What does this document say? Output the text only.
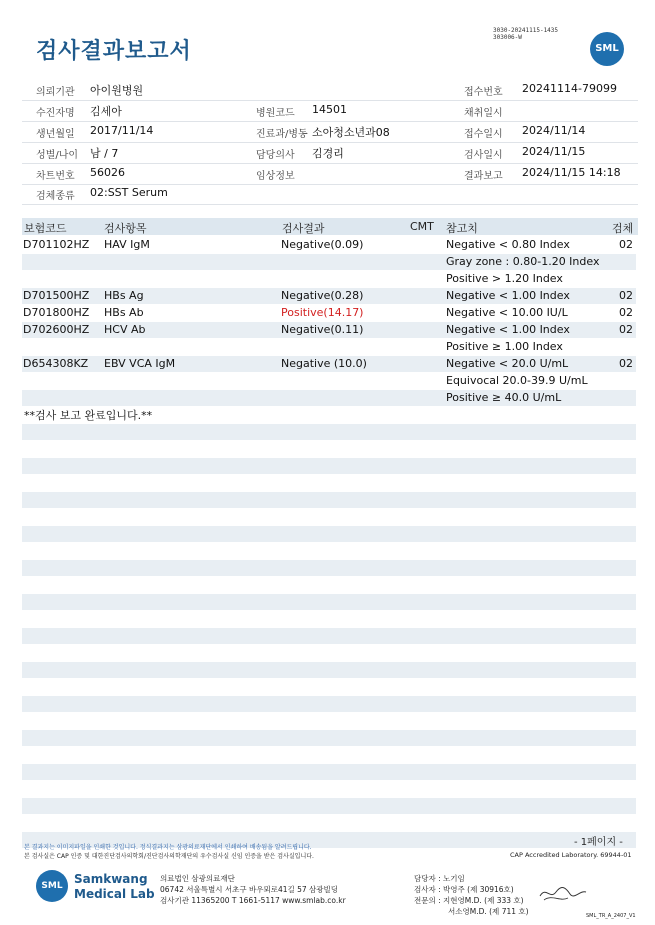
검사결과보고서
3030-20241115-1435
303006-W
SML
의뢰기관 아이원병원	접수번호 20241114-79099
수진자명 김세아	병원코드 14501	채취일시
생년월일 2017/11/14	진료과/병동 소아청소년과08	접수일시 2024/11/14
성별/나이 남 / 7	담당의사 김경리	검사일시 2024/11/15
차트번호 56026	임상정보	결과보고 2024/11/15 14:18
검체종류 02:SST Serum
보험코드	검사항목	검사결과	CMT 참고치	검체
D701102HZ HAV IgM	Negative(0.09)	Negative < 0.80 Index	02
Gray zone : 0.80-1.20 Index
Positive > 1.20 Index
D701500HZ HBs Ag	Negative(0.28)	Negative < 1.00 Index	02
D701800HZ HBs Ab	Positive(14.17)	Negative < 10.00 IU/L	02
D702600HZ HCV Ab	Negative(0.11)	Negative < 1.00 Index	02
Positive ≥ 1.00 Index
D654308KZ EBV VCA IgM	Negative (10.0)	Negative < 20.0 U/mL	02
Equivocal 20.0-39.9 U/mL
Positive ≥ 40.0 U/mL
**검사 보고 완료입니다.**
- 1페이지 -
본 결과지는 이미지파일을 인쇄한 것입니다. 정식결과지는 삼광의료재단에서 인쇄하여 배송됨을 알려드립니다.
본 검사실은 CAP 인증 및 대한진단검사의학회/진단검사의학재단의 우수검사실 신임 인증을 받은 검사실입니다.	CAP Accredited Laboratory. 69944-01
SML Samkwang
Medical Lab
의료법인 삼광의료재단
06742 서울특별시 서초구 바우뫼로41길 57 삼광빌딩
검사기관 11365200 T 1661-5117 www.smlab.co.kr
담당자 : 노기임
검사자 : 박영주 (제 30916호)
전문의 : 지현영M.D. (제 333 호)
서소영M.D. (제 711 호)	SML_TR_A_2407_V1
